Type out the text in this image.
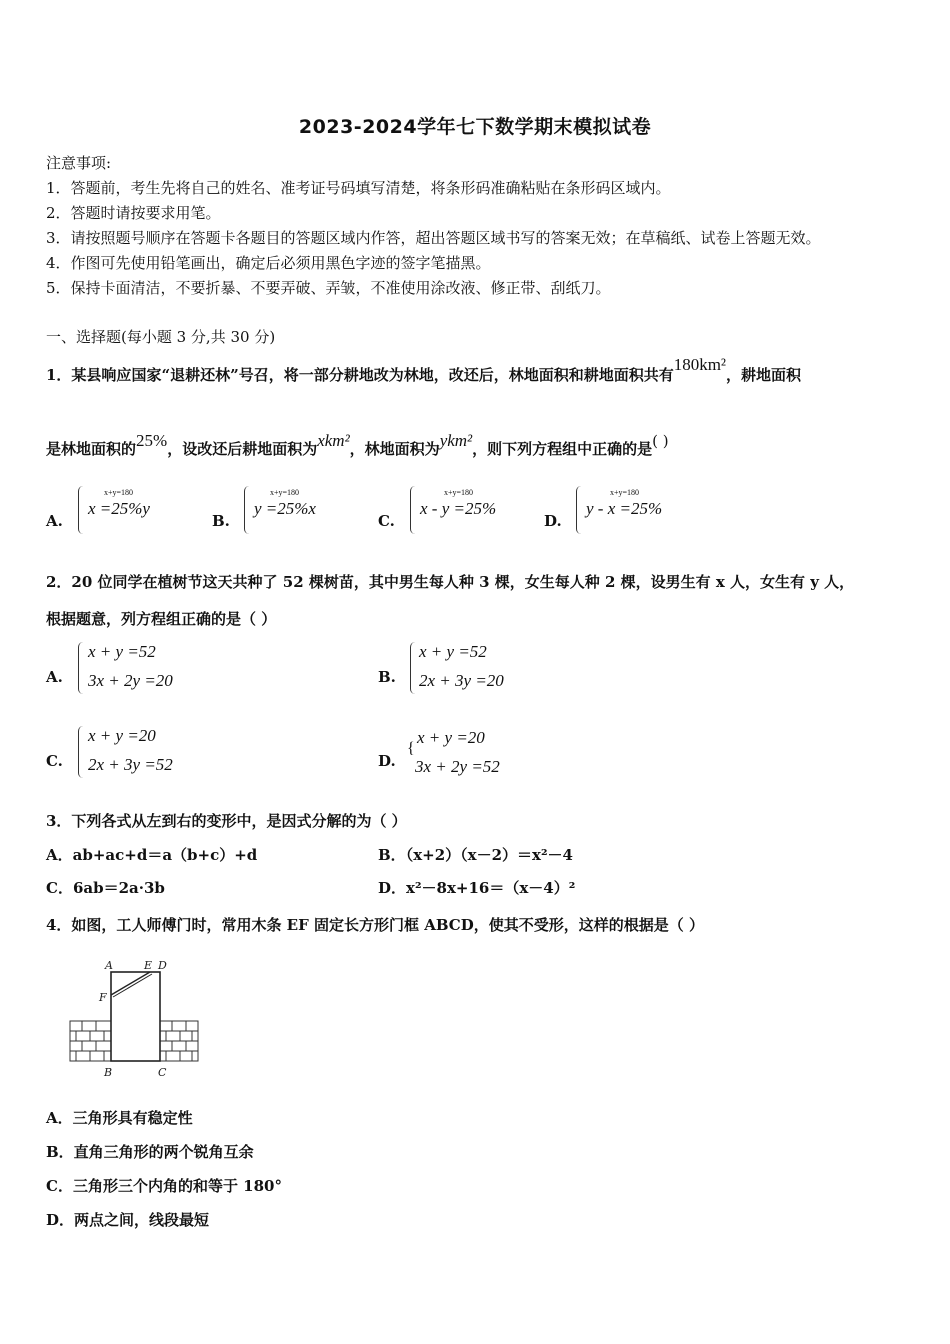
2023-2024学年七下数学期末模拟试卷
注意事项:
1．答题前，考生先将自己的姓名、准考证号码填写清楚，将条形码准确粘贴在条形码区域内。
2．答题时请按要求用笔。
3．请按照题号顺序在答题卡各题目的答题区域内作答，超出答题区域书写的答案无效；在草稿纸、试卷上答题无效。
4．作图可先使用铅笔画出，确定后必须用黑色字迹的签字笔描黑。
5．保持卡面清洁，不要折暴、不要弄破、弄皱，不准使用涂改液、修正带、刮纸刀。
一、选择题(每小题 3 分,共 30 分)
1．某县响应国家“退耕还林”号召，将一部分耕地改为林地，改还后，林地面积和耕地面积共有180km²，耕地面积
是林地面积的25%，设改还后耕地面积为xkm²，林地面积为ykm²，则下列方程组中正确的是( )
A.
x+y=180
x =25%y
B.
x+y=180
y =25%x
C.
x+y=180
x - y =25%
D.
x+y=180
y - x =25%
2．20 位同学在植树节这天共种了 52 棵树苗，其中男生每人种 3 棵，女生每人种 2 棵，设男生有 x 人，女生有 y 人，
根据题意，列方程组正确的是（ ）
A.
x + y =52
3x + 2y =20	B.
x + y =52
2x + 3y =20
C.
x + y =20
2x + 3y =52	D.
{
x + y =20
3x + 2y =52
3．下列各式从左到右的变形中，是因式分解的为（ ）
A．ab+ac+d＝a（b+c）+d	B．（x+2）（x－2）＝x²－4
C．6ab＝2a·3b	D．x²－8x+16＝（x－4）²
4．如图，工人师傅门时，常用木条 EF 固定长方形门框 ABCD，使其不受形，这样的根据是（ ）
A	E D
F
B	C
A．三角形具有稳定性
B．直角三角形的两个锐角互余
C．三角形三个内角的和等于 180°
D．两点之间，线段最短
